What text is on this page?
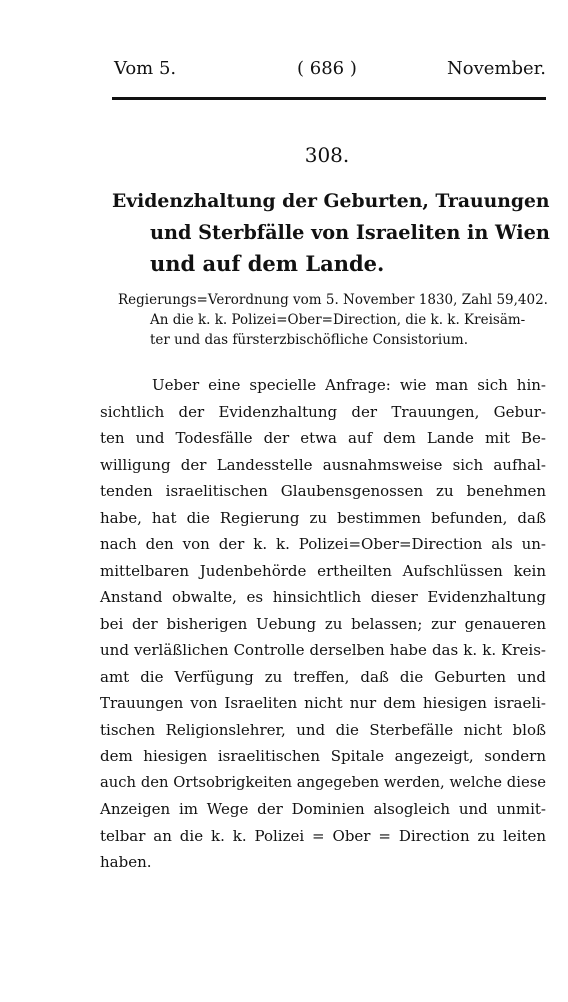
Vom 5.	( 686 )	November.
308.
Evidenzhaltung der Geburten, Trauungen
und Sterbfälle von Israeliten in Wien
und auf dem Lande.
Regierungs=Verordnung vom 5. November 1830, Zahl 59,402.
An die k. k. Polizei=Ober=Direction, die k. k. Kreisäm-
ter und das fürsterzbischöfliche Consistorium.
Ueber eine specielle Anfrage: wie man sich hin-
sichtlich der Evidenzhaltung der Trauungen, Gebur-
ten und Todesfälle der etwa auf dem Lande mit Be-
willigung der Landesstelle ausnahmsweise sich aufhal-
tenden israelitischen Glaubensgenossen zu benehmen
habe, hat die Regierung zu bestimmen befunden, daß
nach den von der k. k. Polizei=Ober=Direction als un-
mittelbaren Judenbehörde ertheilten Aufschlüssen kein
Anstand obwalte, es hinsichtlich dieser Evidenzhaltung
bei der bisherigen Uebung zu belassen; zur genaueren
und verläßlichen Controlle derselben habe das k. k. Kreis-
amt die Verfügung zu treffen, daß die Geburten und
Trauungen von Israeliten nicht nur dem hiesigen israeli-
tischen Religionslehrer, und die Sterbefälle nicht bloß
dem hiesigen israelitischen Spitale angezeigt, sondern
auch den Ortsobrigkeiten angegeben werden, welche diese
Anzeigen im Wege der Dominien alsogleich und unmit-
telbar an die k. k. Polizei = Ober = Direction zu leiten
haben.
